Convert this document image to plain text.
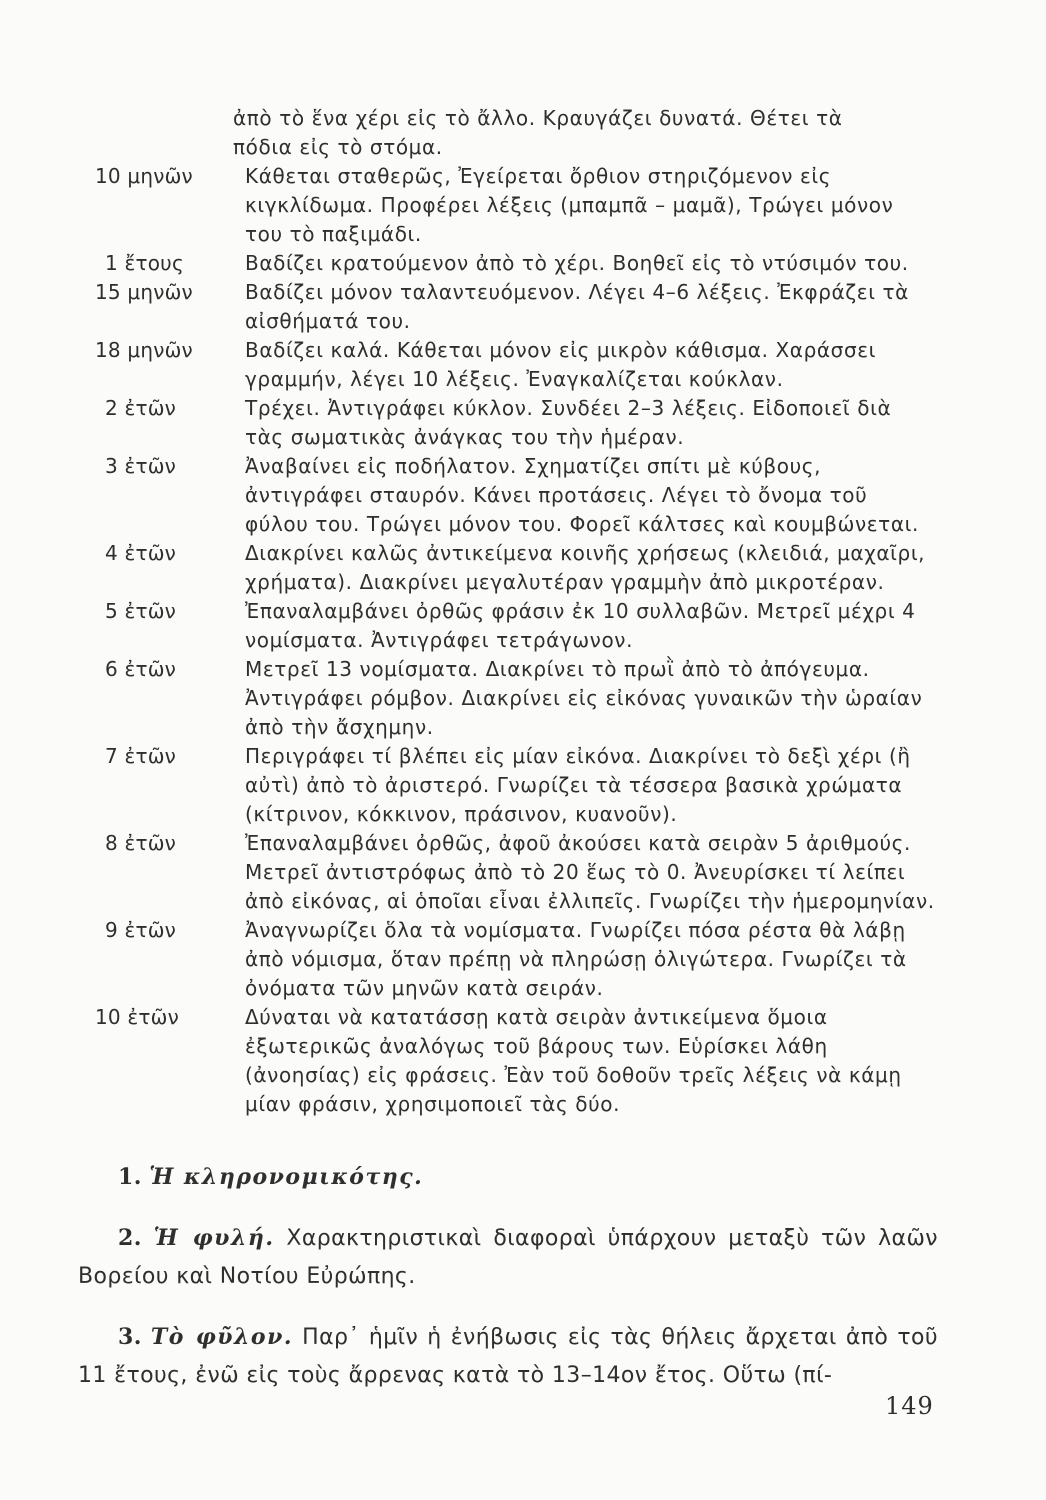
ἀπὸ τὸ ἕνα χέρι εἰς τὸ ἄλλο. Κραυγάζει δυνατά. Θέτει τὰ πόδια εἰς τὸ στόμα.
10 μηνῶν	Κάθεται σταθερῶς, Ἐγείρεται ὄρθιον στηριζόμενον εἰς κιγκλίδωμα. Προφέρει λέξεις (μπαμπᾶ – μαμᾶ), Τρώγει μόνον του τὸ παξιμάδι.
1 ἔτους	Βαδίζει κρατούμενον ἀπὸ τὸ χέρι. Βοηθεῖ εἰς τὸ ντύσιμόν του.
15 μηνῶν	Βαδίζει μόνον ταλαντευόμενον. Λέγει 4–6 λέξεις. Ἐκφράζει τὰ αἰσθήματά του.
18 μηνῶν	Βαδίζει καλά. Κάθεται μόνον εἰς μικρὸν κάθισμα. Χαράσσει γραμμήν, λέγει 10 λέξεις. Ἐναγκαλίζεται κούκλαν.
2 ἐτῶν	Τρέχει. Ἀντιγράφει κύκλον. Συνδέει 2–3 λέξεις. Εἰδοποιεῖ διὰ τὰς σωματικὰς ἀνάγκας του τὴν ἡμέραν.
3 ἐτῶν	Ἀναβαίνει εἰς ποδήλατον. Σχηματίζει σπίτι μὲ κύβους, ἀντιγράφει σταυρόν. Κάνει προτάσεις. Λέγει τὸ ὄνομα τοῦ φύλου του. Τρώγει μόνον του. Φορεῖ κάλτσες καὶ κουμβώνεται.
4 ἐτῶν	Διακρίνει καλῶς ἀντικείμενα κοινῆς χρήσεως (κλειδιά, μαχαῖρι, χρήματα). Διακρίνει μεγαλυτέραν γραμμὴν ἀπὸ μικροτέραν.
5 ἐτῶν	Ἐπαναλαμβάνει ὀρθῶς φράσιν ἐκ 10 συλλαβῶν. Μετρεῖ μέχρι 4 νομίσματα. Ἀντιγράφει τετράγωνον.
6 ἐτῶν	Μετρεῖ 13 νομίσματα. Διακρίνει τὸ πρωῒ ἀπὸ τὸ ἀπόγευμα. Ἀντιγράφει ρόμβον. Διακρίνει εἰς εἰκόνας γυναικῶν τὴν ὡραίαν ἀπὸ τὴν ἄσχημην.
7 ἐτῶν	Περιγράφει τί βλέπει εἰς μίαν εἰκόνα. Διακρίνει τὸ δεξὶ χέρι (ἢ αὐτὶ) ἀπὸ τὸ ἀριστερό. Γνωρίζει τὰ τέσσερα βασικὰ χρώματα (κίτρινον, κόκκινον, πράσινον, κυανοῦν).
8 ἐτῶν	Ἐπαναλαμβάνει ὀρθῶς, ἀφοῦ ἀκούσει κατὰ σειρὰν 5 ἀριθμούς. Μετρεῖ ἀντιστρόφως ἀπὸ τὸ 20 ἕως τὸ 0. Ἀνευρίσκει τί λείπει ἀπὸ εἰκόνας, αἱ ὁποῖαι εἶναι ἐλλιπεῖς. Γνωρίζει τὴν ἡμερομηνίαν.
9 ἐτῶν	Ἀναγνωρίζει ὅλα τὰ νομίσματα. Γνωρίζει πόσα ρέστα θὰ λάβῃ ἀπὸ νόμισμα, ὅταν πρέπῃ νὰ πληρώσῃ ὀλιγώτερα. Γνωρίζει τὰ ὀνόματα τῶν μηνῶν κατὰ σειράν.
10 ἐτῶν	Δύναται νὰ κατατάσσῃ κατὰ σειρὰν ἀντικείμενα ὅμοια ἐξωτερικῶς ἀναλόγως τοῦ βάρους των. Εὑρίσκει λάθη (ἀνοησίας) εἰς φράσεις. Ἐὰν τοῦ δοθοῦν τρεῖς λέξεις νὰ κάμῃ μίαν φράσιν, χρησιμοποιεῖ τὰς δύο.
1. Ἡ κληρονομικότης.
2. Ἡ φυλή. Χαρακτηριστικαὶ διαφοραὶ ὑπάρχουν μεταξὺ τῶν λαῶν Βορείου καὶ Νοτίου Εὐρώπης.
3. Τὸ φῦλον. Παρ᾽ ἡμῖν ἡ ἐνήβωσις εἰς τὰς θήλεις ἄρχεται ἀπὸ τοῦ 11 ἔτους, ἐνῶ εἰς τοὺς ἄρρενας κατὰ τὸ 13–14ον ἔτος. Οὕτω (πί-
149
